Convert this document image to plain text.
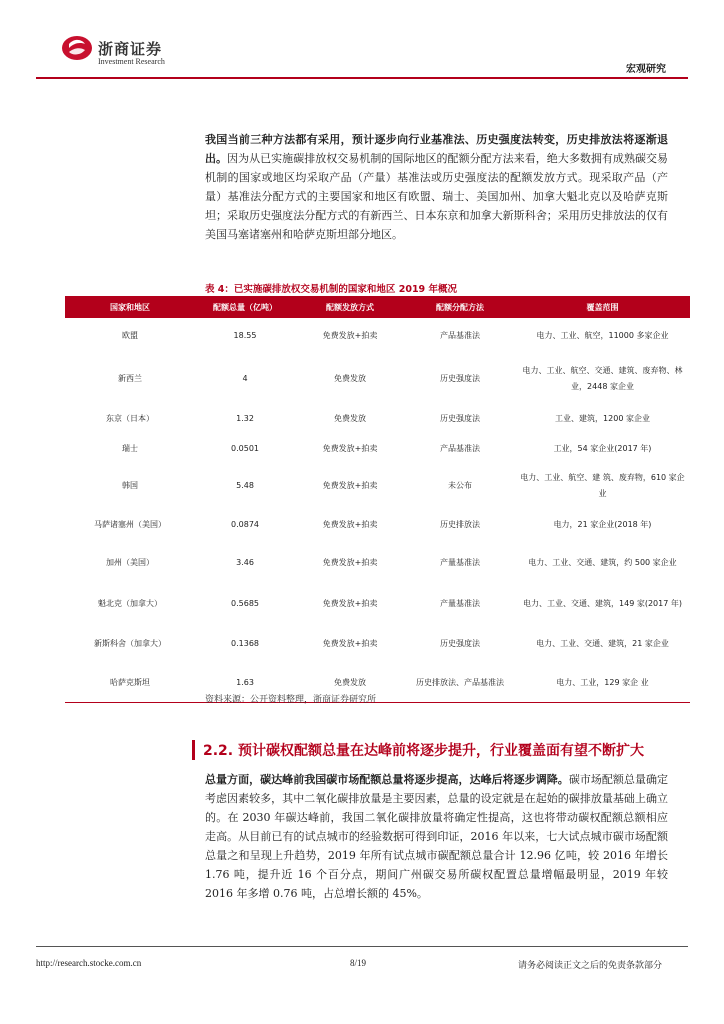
浙商证券
Investment Research
宏观研究
我国当前三种方法都有采用，预计逐步向行业基准法、历史强度法转变，历史排放法将逐渐退出。因为从已实施碳排放权交易机制的国际地区的配额分配方法来看，绝大多数拥有成熟碳交易机制的国家或地区均采取产品（产量）基准法或历史强度法的配额发放方式。现采取产品（产量）基准法分配方式的主要国家和地区有欧盟、瑞士、美国加州、加拿大魁北克以及哈萨克斯坦；采取历史强度法分配方式的有新西兰、日本东京和加拿大新斯科舍；采用历史排放法的仅有美国马塞诸塞州和哈萨克斯坦部分地区。
表 4：已实施碳排放权交易机制的国家和地区 2019 年概况
国家和地区	配额总量（亿吨）	配额发放方式	配额分配方法	覆盖范围
欧盟	18.55	免费发放+拍卖	产品基准法	电力、工业、航空，11000 多家企业
新西兰	4	免费发放	历史强度法	电力、工业、航空、交通、建筑、废弃物、林业，2448 家企业
东京（日本）	1.32	免费发放	历史强度法	工业、建筑，1200 家企业
瑞士	0.0501	免费发放+拍卖	产品基准法	工业，54 家企业(2017 年)
韩国	5.48	免费发放+拍卖	未公布	电力、工业、航空、建 筑、废弃物，610 家企业
马萨诸塞州（美国）	0.0874	免费发放+拍卖	历史排放法	电力，21 家企业(2018 年)
加州（美国）	3.46	免费发放+拍卖	产量基准法	电力、工业、交通、建筑，约 500 家企业
魁北克（加拿大）	0.5685	免费发放+拍卖	产量基准法	电力、工业、交通、建筑，149 家(2017 年)
新斯科舍（加拿大）	0.1368	免费发放+拍卖	历史强度法	电力、工业、交通、建筑，21 家企业
哈萨克斯坦	1.63	免费发放	历史排放法、产品基准法	电力、工业，129 家企 业
资料来源：公开资料整理，浙商证券研究所
2.2. 预计碳权配额总量在达峰前将逐步提升，行业覆盖面有望不断扩大
总量方面，碳达峰前我国碳市场配额总量将逐步提高，达峰后将逐步调降。碳市场配额总量确定考虑因素较多，其中二氧化碳排放量是主要因素，总量的设定就是在起始的碳排放量基础上确立的。在 2030 年碳达峰前，我国二氧化碳排放量将确定性提高，这也将带动碳权配额总额相应走高。从目前已有的试点城市的经验数据可得到印证，2016 年以来，七大试点城市碳市场配额总量之和呈现上升趋势，2019 年所有试点城市碳配额总量合计 12.96 亿吨，较 2016 年增长 1.76 吨，提升近 16 个百分点，期间广州碳交易所碳权配置总量增幅最明显，2019 年较 2016 年多增 0.76 吨，占总增长额的 45%。
http://research.stocke.com.cn	8/19	请务必阅读正文之后的免责条款部分
